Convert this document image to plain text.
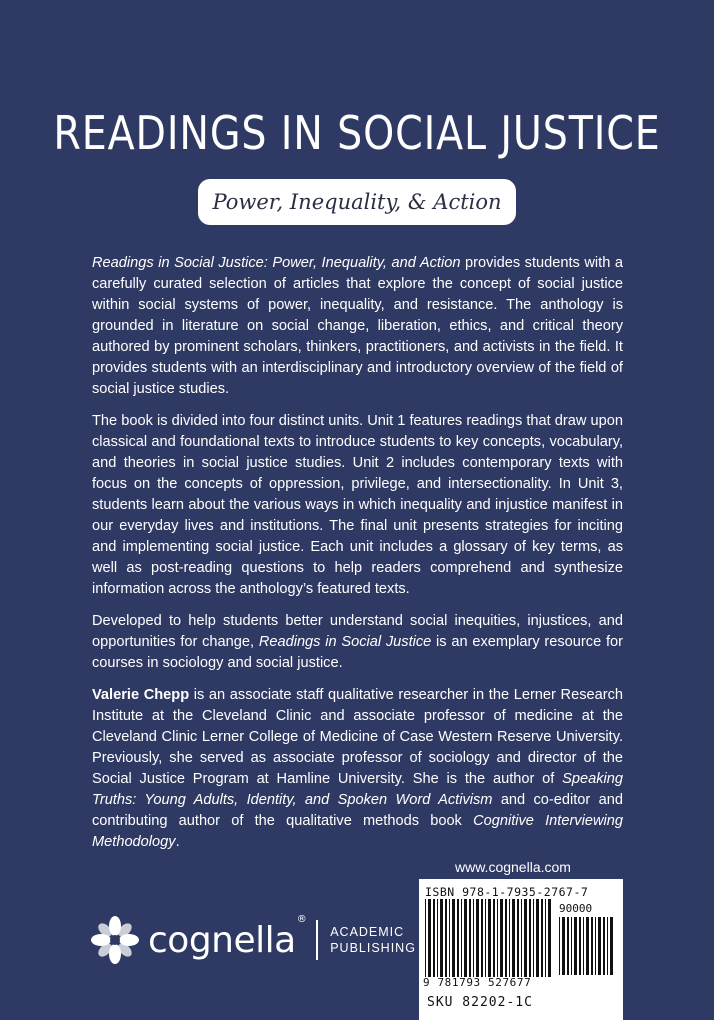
READINGS IN SOCIAL JUSTICE
Power, Inequality, & Action

Readings in Social Justice: Power, Inequality, and Action provides students with a carefully curated selection of articles that explore the concept of social justice within social systems of power, inequality, and resistance. The anthology is grounded in literature on social change, liberation, ethics, and critical theory authored by prominent scholars, thinkers, practitioners, and activists in the field. It provides students with an interdisciplinary and introductory overview of the field of social justice studies.

The book is divided into four distinct units. Unit 1 features readings that draw upon classical and foundational texts to introduce students to key concepts, vocabulary, and theories in social justice studies. Unit 2 includes contemporary texts with focus on the concepts of oppression, privilege, and intersectionality. In Unit 3, students learn about the various ways in which inequality and injustice manifest in our everyday lives and institutions. The final unit presents strategies for inciting and implementing social justice. Each unit includes a glossary of key terms, as well as post-reading questions to help readers comprehend and synthesize information across the anthology’s featured texts.

Developed to help students better understand social inequities, injustices, and opportunities for change, Readings in Social Justice is an exemplary resource for courses in sociology and social justice.

Valerie Chepp is an associate staff qualitative researcher in the Lerner Research Institute at the Cleveland Clinic and associate professor of medicine at the Cleveland Clinic Lerner College of Medicine of Case Western Reserve University. Previously, she served as associate professor of sociology and director of the Social Justice Program at Hamline University. She is the author of Speaking Truths: Young Adults, Identity, and Spoken Word Activism and co-editor and contributing author of the qualitative methods book Cognitive Interviewing Methodology.

www.cognella.com
cognella®
ACADEMIC
PUBLISHING
ISBN 978-1-7935-2767-7
90000
9 781793 527677
SKU 82202-1C
